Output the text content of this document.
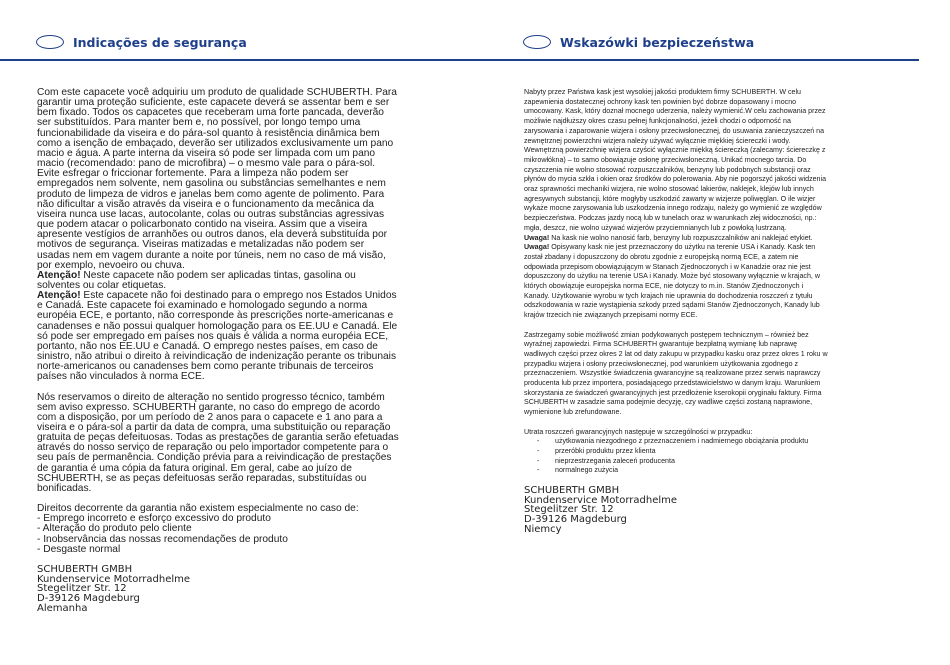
Indicações de segurança

Com este capacete você adquiriu um produto de qualidade SCHUBERTH. Para garantir uma proteção suficiente, este capacete deverá se assentar bem e ser bem fixado. Todos os capacetes que receberam uma forte pancada, deverão ser substituídos. Para manter bem e, no possível, por longo tempo uma funcionabilidade da viseira e do pára-sol quanto à resistência dinâmica bem como a isenção de embaçado, deverão ser utilizados exclusivamente um pano macio e água. A parte interna da viseira só pode ser limpada com um pano macio (recomendado: pano de microfibra) – o mesmo vale para o pára-sol. Evite esfregar o friccionar fortemente. Para a limpeza não podem ser empregados nem solvente, nem gasolina ou substâncias semelhantes e nem produto de limpeza de vidros e janelas bem como agente de polimento. Para não dificultar a visão através da viseira e o funcionamento da mecânica da viseira nunca use lacas, autocolante, colas ou outras substâncias agressivas que podem atacar o policarbonato contido na viseira. Assim que a viseira apresente vestígios de arranhões ou outros danos, ela deverá substituída por motivos de segurança. Viseiras matizadas e metalizadas não podem ser usadas nem em vagem durante a noite por túneis, nem no caso de má visão, por exemplo, nevoeiro ou chuva.

Atenção! Neste capacete não podem ser aplicadas tintas, gasolina ou solventes ou colar etiquetas.

Atenção! Este capacete não foi destinado para o emprego nos Estados Unidos e Canadá. Este capacete foi examinado e homologado segundo a norma européia ECE, e portanto, não corresponde às prescrições norte-americanas e canadenses e não possui qualquer homologação para os EE.UU e Canadá. Ele só pode ser empregado em países nos quais é válida a norma européia ECE, portanto, não nos EE.UU e Canadá. O emprego nestes países, em caso de sinistro, não atribui o direito à reivindicação de indenização perante os tribunais norte-americanos ou canadenses bem como perante tribunais de terceiros países não vinculados à norma ECE.

Nós reservamos o direito de alteração no sentido progresso técnico, também sem aviso expresso. SCHUBERTH garante, no caso do emprego de acordo com a disposição, por um período de 2 anos para o capacete e 1 ano para a viseira e o pára-sol a partir da data de compra, uma substituição ou reparação gratuita de peças defeituosas. Todas as prestações de garantia serão efetuadas através do nosso serviço de reparação ou pelo importador competente para o seu país de permanência. Condição prévia para a reivindicação de prestações de garantia é uma cópia da fatura original. Em geral, cabe ao juízo de SCHUBERTH, se as peças defeituosas serão reparadas, substituídas ou bonificadas.

Direitos decorrente da garantia não existem especialmente no caso de:

- Emprego incorreto e esforço excessivo do produto

- Alteração do produto pelo cliente

- Inobservância das nossas recomendações de produto

- Desgaste normal

SCHUBERTH GMBH

Kundenservice Motorradhelme

Stegelitzer Str. 12

D-39126 Magdeburg

Alemanha

Wskazówki bezpieczeństwa

Nabyty przez Państwa kask jest wysokiej jakości produktem firmy SCHUBERTH. W celu zapewnienia dostatecznej ochrony kask ten powinien być dobrze dopasowany i mocno umocowany. Kask, który doznał mocnego uderzenia, należy wymienić.W celu zachowania przez możliwie najdłuższy okres czasu pełnej funkcjonalności, jeżeli chodzi o odporność na zarysowania i zaparowanie wizjera i osłony przeciwsłonecznej, do usuwania zanieczyszczeń na zewnętrznej powierzchni wizjera należy używać wyłącznie miękkiej ściereczki i wody. Wewnętrzną powierzchnię wizjera czyścić wyłącznie miękką ściereczką (zalecamy: ściereczkę z mikrowłókna) – to samo obowiązuje osłonę przeciwsłoneczną. Unikać mocnego tarcia. Do czyszczenia nie wolno stosować rozpuszczalników, benzyny lub podobnych substancji oraz płynów do mycia szkła i okien oraz środków do polerowania. Aby nie pogorszyć jakości widzenia oraz sprawności mechaniki wizjera, nie wolno stosować lakierów, naklejek, klejów lub innych agresywnych substancji, które mogłyby uszkodzić zawarty w wizjerze poliwęglan. O ile wizjer wykaże mocne zarysowania lub uszkodzenia innego rodzaju, należy go wymienić ze względów bezpieczeństwa. Podczas jazdy nocą lub w tunelach oraz w warunkach złej widoczności, np.: mgła, deszcz, nie wolno używać wizjerów przyciemnianych lub z powłoką lustrzaną.

Uwaga! Na kask nie wolno nanosić farb, benzyny lub rozpuszczalników ani naklejać etykiet.

Uwaga! Opisywany kask nie jest przeznaczony do użytku na terenie USA i Kanady. Kask ten został zbadany i dopuszczony do obrotu zgodnie z europejską normą ECE, a zatem nie odpowiada przepisom obowiązującym w Stanach Zjednoczonych i w Kanadzie oraz nie jest dopuszczony do użytku na terenie USA i Kanady. Może być stosowany wyłącznie w krajach, w których obowiązuje europejska norma ECE, nie dotyczy to m.in. Stanów Zjednoczonych i Kanady. Użytkowanie wyrobu w tych krajach nie uprawnia do dochodzenia roszczeń z tytułu odszkodowania w razie wystąpienia szkody przed sądami Stanów Zjednoczonych, Kanady lub krajów trzecich nie związanych przepisami normy ECE.

Zastrzegamy sobie możliwość zmian podykowanych postępem technicznym – również bez wyraźnej zapowiedzi. Firma SCHUBERTH gwarantuje bezpłatną wymianę lub naprawę wadliwych części przez okres 2 lat od daty zakupu w przypadku kasku oraz przez okres 1 roku w przypadku wizjera i osłony przeciwsłonecznej, pod warunkiem użytkowania zgodnego z przeznaczeniem. Wszystkie świadczenia gwarancyjne są realizowane przez serwis naprawczy producenta lub przez importera, posiadającego przedstawicielstwo w danym kraju. Warunkiem skorzystania ze świadczeń gwarancyjnych jest przedłożenie kserokopii oryginału faktury. Firma SCHUBERTH w zasadzie sama podejmie decyzję, czy wadliwe części zostaną naprawione, wymienione lub zrefundowane.

Utrata roszczeń gwarancyjnych następuje w szczególności w przypadku:

-	użytkowania niezgodnego z przeznaczeniem i nadmiernego obciążania produktu
-	przeróbki produktu przez klienta
-	nieprzestrzegania zaleceń producenta
-	normalnego zużycia

SCHUBERTH GMBH

Kundenservice Motorradhelme

Stegelitzer Str. 12

D-39126 Magdeburg

Niemcy
